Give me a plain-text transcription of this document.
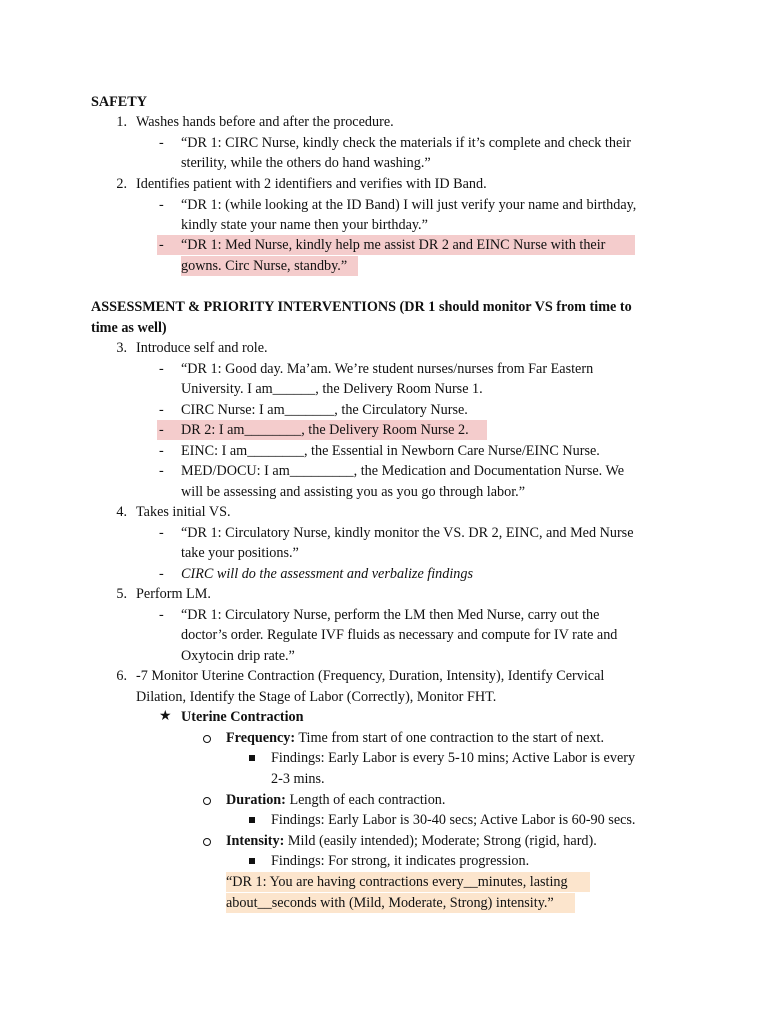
SAFETY
1. Washes hands before and after the procedure.
- “DR 1: CIRC Nurse, kindly check the materials if it’s complete and check their
sterility, while the others do hand washing.”
2. Identifies patient with 2 identifiers and verifies with ID Band.
- “DR 1: (while looking at the ID Band) I will just verify your name and birthday,
kindly state your name then your birthday.”
- “DR 1: Med Nurse, kindly help me assist DR 2 and EINC Nurse with their
gowns. Circ Nurse, standby.”
ASSESSMENT & PRIORITY INTERVENTIONS (DR 1 should monitor VS from time to
time as well)
3. Introduce self and role.
- “DR 1: Good day. Ma’am. We’re student nurses/nurses from Far Eastern
University. I am______, the Delivery Room Nurse 1.
- CIRC Nurse: I am_______, the Circulatory Nurse.
- DR 2: I am________, the Delivery Room Nurse 2.
- EINC: I am________, the Essential in Newborn Care Nurse/EINC Nurse.
- MED/DOCU: I am_________, the Medication and Documentation Nurse. We
will be assessing and assisting you as you go through labor.”
4. Takes initial VS.
- “DR 1: Circulatory Nurse, kindly monitor the VS. DR 2, EINC, and Med Nurse
take your positions.”
- CIRC will do the assessment and verbalize findings
5. Perform LM.
- “DR 1: Circulatory Nurse, perform the LM then Med Nurse, carry out the
doctor’s order. Regulate IVF fluids as necessary and compute for IV rate and
Oxytocin drip rate.”
6. -7 Monitor Uterine Contraction (Frequency, Duration, Intensity), Identify Cervical
Dilation, Identify the Stage of Labor (Correctly), Monitor FHT.
★ Uterine Contraction
Frequency: Time from start of one contraction to the start of next.
Findings: Early Labor is every 5-10 mins; Active Labor is every
2-3 mins.
Duration: Length of each contraction.
Findings: Early Labor is 30-40 secs; Active Labor is 60-90 secs.
Intensity: Mild (easily intended); Moderate; Strong (rigid, hard).
Findings: For strong, it indicates progression.
“DR 1: You are having contractions every__minutes, lasting
about__seconds with (Mild, Moderate, Strong) intensity.”
